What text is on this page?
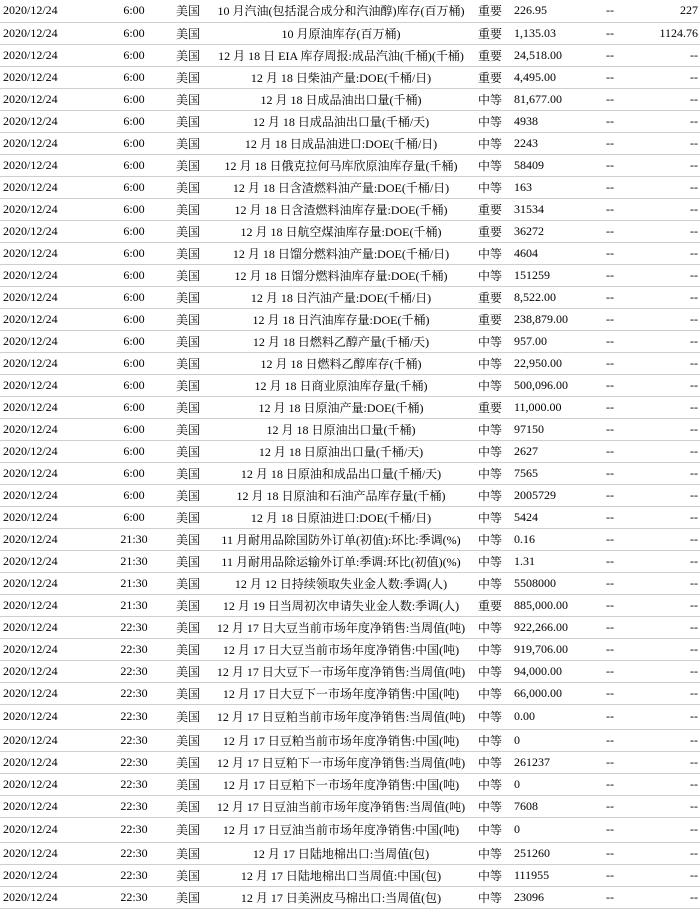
2020/12/24	6:00	美国	10 月汽油(包括混合成分和汽油醇)库存(百万桶)	重要	226.95	--	227
2020/12/24	6:00	美国	10 月原油库存(百万桶)	重要	1,135.03	--	1124.76
2020/12/24	6:00	美国	12 月 18 日 EIA 库存周报:成品汽油(千桶)(千桶)	重要	24,518.00	--	--
2020/12/24	6:00	美国	12 月 18 日柴油产量:DOE(千桶/日)	重要	4,495.00	--	--
2020/12/24	6:00	美国	12 月 18 日成品油出口量(千桶)	中等	81,677.00	--	--
2020/12/24	6:00	美国	12 月 18 日成品油出口量(千桶/天)	中等	4938	--	--
2020/12/24	6:00	美国	12 月 18 日成品油进口:DOE(千桶/日)	中等	2243	--	--
2020/12/24	6:00	美国	12 月 18 日俄克拉何马库欣原油库存量(千桶)	中等	58409	--	--
2020/12/24	6:00	美国	12 月 18 日含渣燃料油产量:DOE(千桶/日)	中等	163	--	--
2020/12/24	6:00	美国	12 月 18 日含渣燃料油库存量:DOE(千桶)	重要	31534	--	--
2020/12/24	6:00	美国	12 月 18 日航空煤油库存量:DOE(千桶)	重要	36272	--	--
2020/12/24	6:00	美国	12 月 18 日馏分燃料油产量:DOE(千桶/日)	中等	4604	--	--
2020/12/24	6:00	美国	12 月 18 日馏分燃料油库存量:DOE(千桶)	中等	151259	--	--
2020/12/24	6:00	美国	12 月 18 日汽油产量:DOE(千桶/日)	重要	8,522.00	--	--
2020/12/24	6:00	美国	12 月 18 日汽油库存量:DOE(千桶)	重要	238,879.00	--	--
2020/12/24	6:00	美国	12 月 18 日燃料乙醇产量(千桶/天)	中等	957.00	--	--
2020/12/24	6:00	美国	12 月 18 日燃料乙醇库存(千桶)	中等	22,950.00	--	--
2020/12/24	6:00	美国	12 月 18 日商业原油库存量(千桶)	中等	500,096.00	--	--
2020/12/24	6:00	美国	12 月 18 日原油产量:DOE(千桶)	重要	11,000.00	--	--
2020/12/24	6:00	美国	12 月 18 日原油出口量(千桶)	中等	97150	--	--
2020/12/24	6:00	美国	12 月 18 日原油出口量(千桶/天)	中等	2627	--	--
2020/12/24	6:00	美国	12 月 18 日原油和成品出口量(千桶/天)	中等	7565	--	--
2020/12/24	6:00	美国	12 月 18 日原油和石油产品库存量(千桶)	中等	2005729	--	--
2020/12/24	6:00	美国	12 月 18 日原油进口:DOE(千桶/日)	中等	5424	--	--
2020/12/24	21:30	美国	11 月耐用品除国防外订单(初值):环比:季调(%)	中等	0.16	--	--
2020/12/24	21:30	美国	11 月耐用品除运输外订单:季调:环比(初值)(%)	中等	1.31	--	--
2020/12/24	21:30	美国	12 月 12 日持续领取失业金人数:季调(人)	中等	5508000	--	--
2020/12/24	21:30	美国	12 月 19 日当周初次申请失业金人数:季调(人)	重要	885,000.00	--	--
2020/12/24	22:30	美国	12 月 17 日大豆当前市场年度净销售:当周值(吨)	中等	922,266.00	--	--
2020/12/24	22:30	美国	12 月 17 日大豆当前市场年度净销售:中国(吨)	中等	919,706.00	--	--
2020/12/24	22:30	美国	12 月 17 日大豆下一市场年度净销售:当周值(吨)	中等	94,000.00	--	--
2020/12/24	22:30	美国	12 月 17 日大豆下一市场年度净销售:中国(吨)	中等	66,000.00	--	--
2020/12/24	22:30	美国	12 月 17 日豆粕当前市场年度净销售:当周值(吨)	中等	0.00	--	--
2020/12/24	22:30	美国	12 月 17 日豆粕当前市场年度净销售:中国(吨)	中等	0	--	--
2020/12/24	22:30	美国	12 月 17 日豆粕下一市场年度净销售:当周值(吨)	中等	261237	--	--
2020/12/24	22:30	美国	12 月 17 日豆粕下一市场年度净销售:中国(吨)	中等	0	--	--
2020/12/24	22:30	美国	12 月 17 日豆油当前市场年度净销售:当周值(吨)	中等	7608	--	--
2020/12/24	22:30	美国	12 月 17 日豆油当前市场年度净销售:中国(吨)	中等	0	--	--
2020/12/24	22:30	美国	12 月 17 日陆地棉出口:当周值(包)	中等	251260	--	--
2020/12/24	22:30	美国	12 月 17 日陆地棉出口当周值:中国(包)	中等	111955	--	--
2020/12/24	22:30	美国	12 月 17 日美洲皮马棉出口:当周值(包)	中等	23096	--	--
